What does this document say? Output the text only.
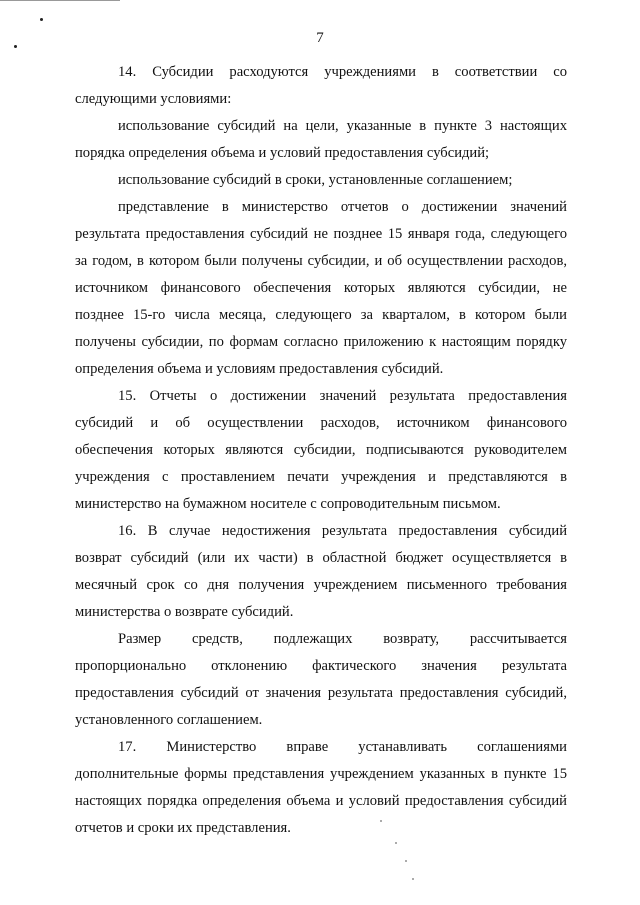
7
14. Субсидии расходуются учреждениями в соответствии со
следующими условиями:
использование субсидий на цели, указанные в пункте 3 настоящих
порядка определения объема и условий предоставления субсидий;
использование субсидий в сроки, установленные соглашением;
представление в министерство отчетов о достижении значений
результата предоставления субсидий не позднее 15 января года, следующего
за годом, в котором были получены субсидии, и об осуществлении расходов,
источником финансового обеспечения которых являются субсидии, не
позднее 15-го числа месяца, следующего за кварталом, в котором были
получены субсидии, по формам согласно приложению к настоящим порядку
определения объема и условиям предоставления субсидий.
15. Отчеты о достижении значений результата предоставления
субсидий и об осуществлении расходов, источником финансового
обеспечения которых являются субсидии, подписываются руководителем
учреждения с проставлением печати учреждения и представляются в
министерство на бумажном носителе с сопроводительным письмом.
16. В случае недостижения результата предоставления субсидий
возврат субсидий (или их части) в областной бюджет осуществляется в
месячный срок со дня получения учреждением письменного требования
министерства о возврате субсидий.
Размер средств, подлежащих возврату, рассчитывается
пропорционально отклонению фактического значения результата
предоставления субсидий от значения результата предоставления субсидий,
установленного соглашением.
17. Министерство вправе устанавливать соглашениями
дополнительные формы представления учреждением указанных в пункте 15
настоящих порядка определения объема и условий предоставления субсидий
отчетов и сроки их представления.
